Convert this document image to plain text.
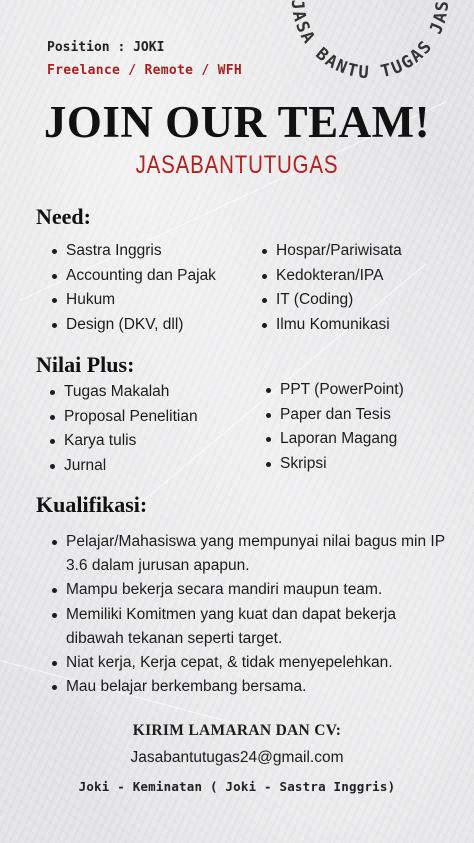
Position : JOKI
Freelance / Remote / WFH
JASA BANTU TUGAS JAS
JOIN OUR TEAM!
JASABANTUTUGAS
Need:
Sastra Inggris
Accounting dan Pajak
Hukum
Design (DKV, dll)
Hospar/Pariwisata
Kedokteran/IPA
IT (Coding)
Ilmu Komunikasi
Nilai Plus:
Tugas Makalah
Proposal Penelitian
Karya tulis
Jurnal
PPT (PowerPoint)
Paper dan Tesis
Laporan Magang
Skripsi
Kualifikasi:
Pelajar/Mahasiswa yang mempunyai nilai bagus min IP 3.6 dalam jurusan apapun.
Mampu bekerja secara mandiri maupun team.
Memiliki Komitmen yang kuat dan dapat bekerja dibawah tekanan seperti target.
Niat kerja, Kerja cepat, & tidak menyepelehkan.
Mau belajar berkembang bersama.
KIRIM LAMARAN DAN CV:
Jasabantutugas24@gmail.com
Joki - Keminatan ( Joki - Sastra Inggris)
